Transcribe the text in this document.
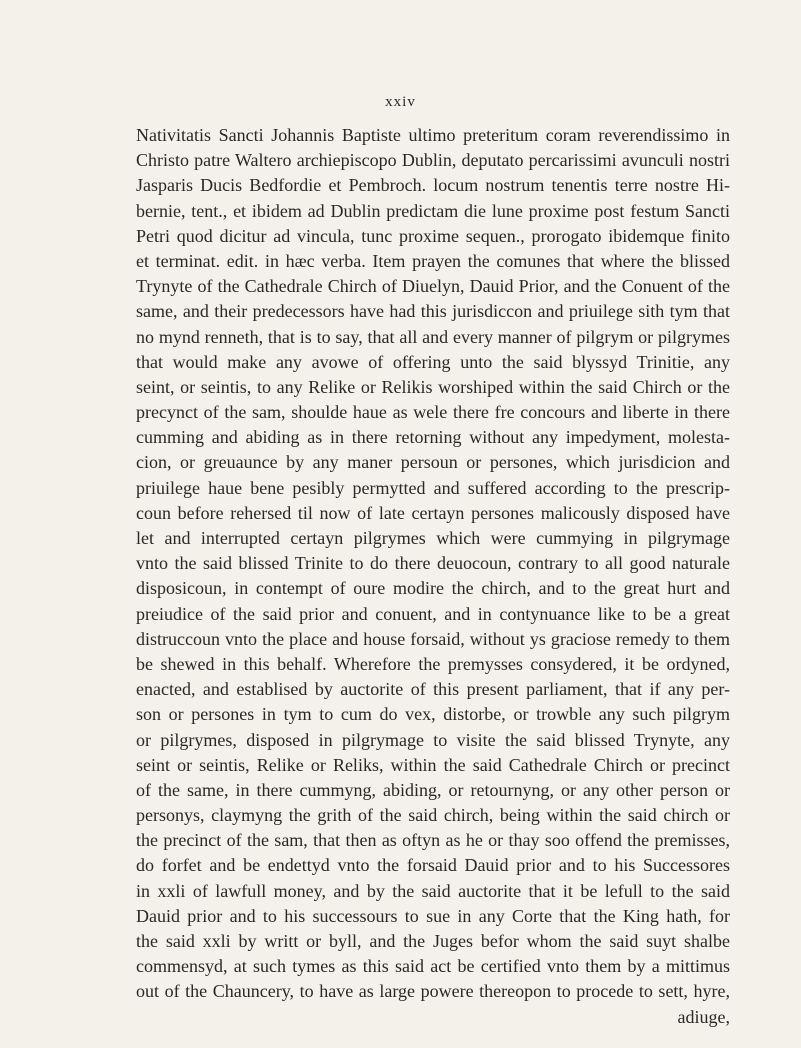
xxiv
Nativitatis Sancti Johannis Baptiste ultimo preteritum coram reverendissimo in
Christo patre Waltero archiepiscopo Dublin, deputato percarissimi avunculi nostri
Jasparis Ducis Bedfordie et Pembroch. locum nostrum tenentis terre nostre Hi-
bernie, tent., et ibidem ad Dublin predictam die lune proxime post festum Sancti
Petri quod dicitur ad vincula, tunc proxime sequen., prorogato ibidemque finito
et terminat. edit. in hæc verba. Item prayen the comunes that where the blissed
Trynyte of the Cathedrale Chirch of Diuelyn, Dauid Prior, and the Conuent of the
same, and their predecessors have had this jurisdiccon and priuilege sith tym that
no mynd renneth, that is to say, that all and every manner of pilgrym or pilgrymes
that would make any avowe of offering unto the said blyssyd Trinitie, any
seint, or seintis, to any Relike or Relikis worshiped within the said Chirch or the
precynct of the sam, shoulde haue as wele there fre concours and liberte in there
cumming and abiding as in there retorning without any impedyment, molesta-
cion, or greuaunce by any maner persoun or persones, which jurisdicion and
priuilege haue bene pesibly permytted and suffered according to the prescrip-
coun before rehersed til now of late certayn persones malicously disposed have
let and interrupted certayn pilgrymes which were cummying in pilgrymage
vnto the said blissed Trinite to do there deuocoun, contrary to all good naturale
disposicoun, in contempt of oure modire the chirch, and to the great hurt and
preiudice of the said prior and conuent, and in contynuance like to be a great
distruccoun vnto the place and house forsaid, without ys graciose remedy to them
be shewed in this behalf. Wherefore the premysses consydered, it be ordyned,
enacted, and establised by auctorite of this present parliament, that if any per-
son or persones in tym to cum do vex, distorbe, or trowble any such pilgrym
or pilgrymes, disposed in pilgrymage to visite the said blissed Trynyte, any
seint or seintis, Relike or Reliks, within the said Cathedrale Chirch or precinct
of the same, in there cummyng, abiding, or retournyng, or any other person or
personys, claymyng the grith of the said chirch, being within the said chirch or
the precinct of the sam, that then as oftyn as he or thay soo offend the premisses,
do forfet and be endettyd vnto the forsaid Dauid prior and to his Successores
in xxli of lawfull money, and by the said auctorite that it be lefull to the said
Dauid prior and to his successours to sue in any Corte that the King hath, for
the said xxli by writt or byll, and the Juges befor whom the said suyt shalbe
commensyd, at such tymes as this said act be certified vnto them by a mittimus
out of the Chauncery, to have as large powere thereopon to procede to sett, hyre,
adiuge,
